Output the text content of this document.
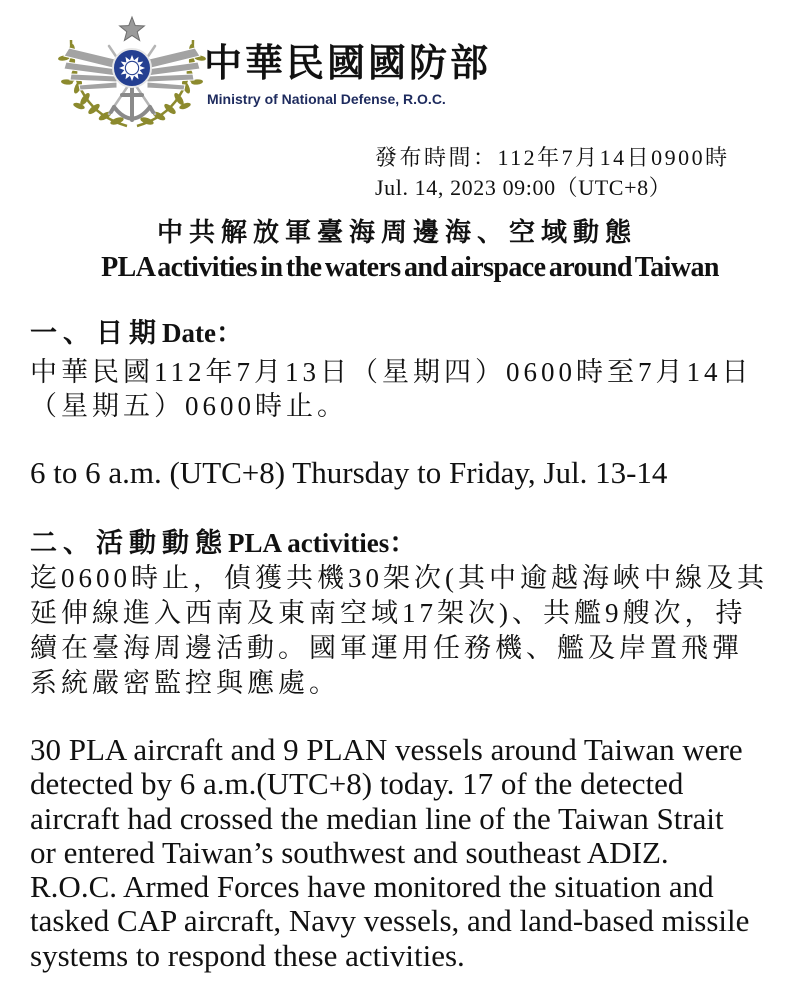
中華民國國防部
Ministry of National Defense, R.O.C.
發布時間：112年7月14日0900時
Jul. 14, 2023 09:00（UTC+8）
中共解放軍臺海周邊海、空域動態
PLA activities in the waters and airspace around Taiwan
一、日期Date：
中華民國112年7月13日（星期四）0600時至7月14日
（星期五）0600時止。
6 to 6 a.m. (UTC+8) Thursday to Friday, Jul. 13-14
二、活動動態PLA activities：
迄0600時止，偵獲共機30架次(其中逾越海峽中線及其
延伸線進入西南及東南空域17架次)、共艦9艘次，持
續在臺海周邊活動。國軍運用任務機、艦及岸置飛彈
系統嚴密監控與應處。
30 PLA aircraft and 9 PLAN vessels around Taiwan were
detected by 6 a.m.(UTC+8) today. 17 of the detected
aircraft had crossed the median line of the Taiwan Strait
or entered Taiwan’s southwest and southeast ADIZ.
R.O.C. Armed Forces have monitored the situation and
tasked CAP aircraft, Navy vessels, and land-based missile
systems to respond these activities.
